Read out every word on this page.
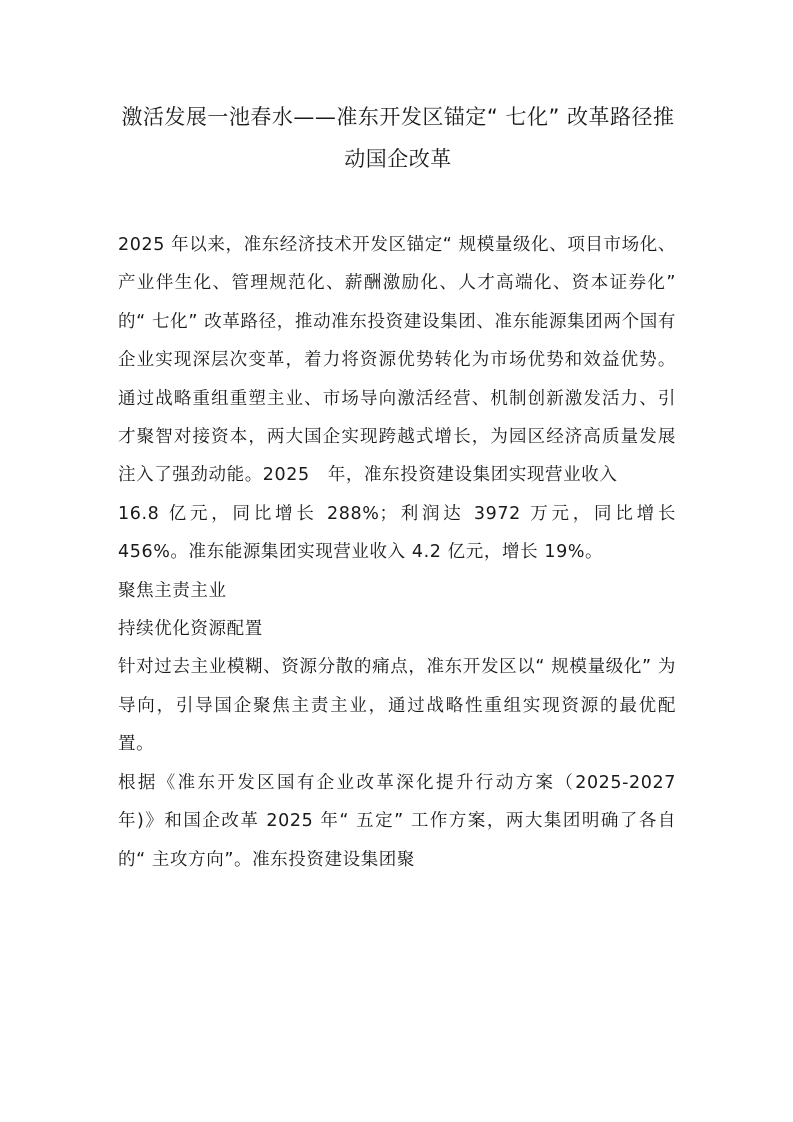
激活发展一池春水——准东开发区锚定“ 七化” 改革路径推动国企改革

2025 年以来，准东经济技术开发区锚定“ 规模量级化、项目市场化、产业伴生化、管理规范化、薪酬激励化、人才高端化、资本证券化” 的“ 七化” 改革路径，推动准东投资建设集团、准东能源集团两个国有企业实现深层次变革，着力将资源优势转化为市场优势和效益优势。通过战略重组重塑主业、市场导向激活经营、机制创新激发活力、引才聚智对接资本，两大国企实现跨越式增长，为园区经济高质量发展注入了强劲动能。2025　年，准东投资建设集团实现营业收入

16.8 亿元，同比增长 288%；利润达 3972 万元，同比增长 456%。准东能源集团实现营业收入 4.2 亿元，增长 19%。

聚焦主责主业

持续优化资源配置

针对过去主业模糊、资源分散的痛点，准东开发区以“ 规模量级化” 为导向，引导国企聚焦主责主业，通过战略性重组实现资源的最优配置。

根据《准东开发区国有企业改革深化提升行动方案（2025-2027 年)》和国企改革 2025 年“ 五定” 工作方案，两大集团明确了各自的“ 主攻方向”。准东投资建设集团聚
